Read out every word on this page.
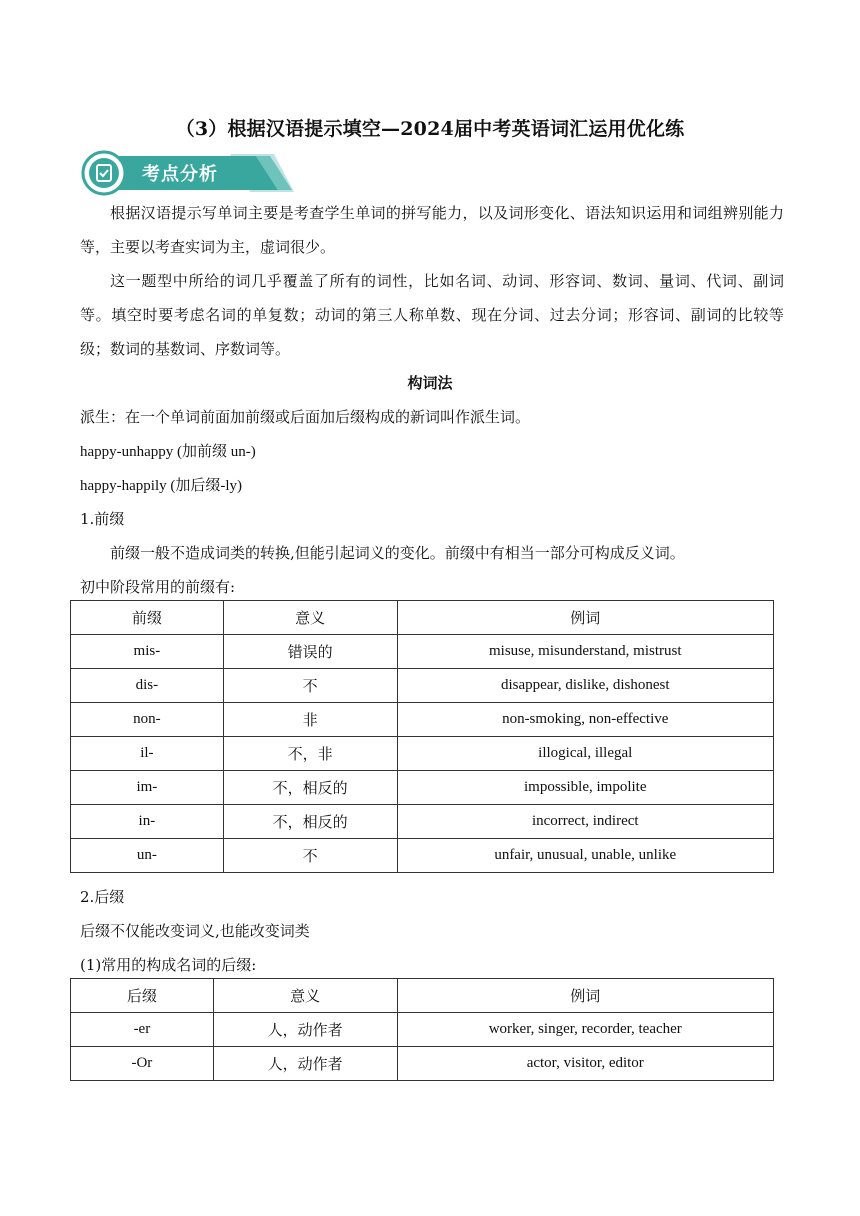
（3）根据汉语提示填空—2024届中考英语词汇运用优化练
考点分析

根据汉语提示写单词主要是考查学生单词的拼写能力，以及词形变化、语法知识运用和词组辨别能力等，主要以考查实词为主，虚词很少。

这一题型中所给的词几乎覆盖了所有的词性，比如名词、动词、形容词、数词、量词、代词、副词等。填空时要考虑名词的单复数；动词的第三人称单数、现在分词、过去分词；形容词、副词的比较等级；数词的基数词、序数词等。

构词法

派生：在一个单词前面加前缀或后面加后缀构成的新词叫作派生词。

happy-unhappy (加前缀 un-)

happy-happily (加后缀-ly)

1.前缀

前缀一般不造成词类的转换,但能引起词义的变化。前缀中有相当一部分可构成反义词。

初中阶段常用的前缀有:

前缀	意义	例词
mis-	错误的	misuse, misunderstand, mistrust
dis-	不	disappear, dislike, dishonest
non-	非	non-smoking, non-effective
il-	不，非	illogical, illegal
im-	不，相反的	impossible, impolite
in-	不，相反的	incorrect, indirect
un-	不	unfair, unusual, unable, unlike

2.后缀

后缀不仅能改变词义,也能改变词类

(1)常用的构成名词的后缀:

后缀	意义	例词
-er	人，动作者	worker, singer, recorder, teacher
-Or	人，动作者	actor, visitor, editor
